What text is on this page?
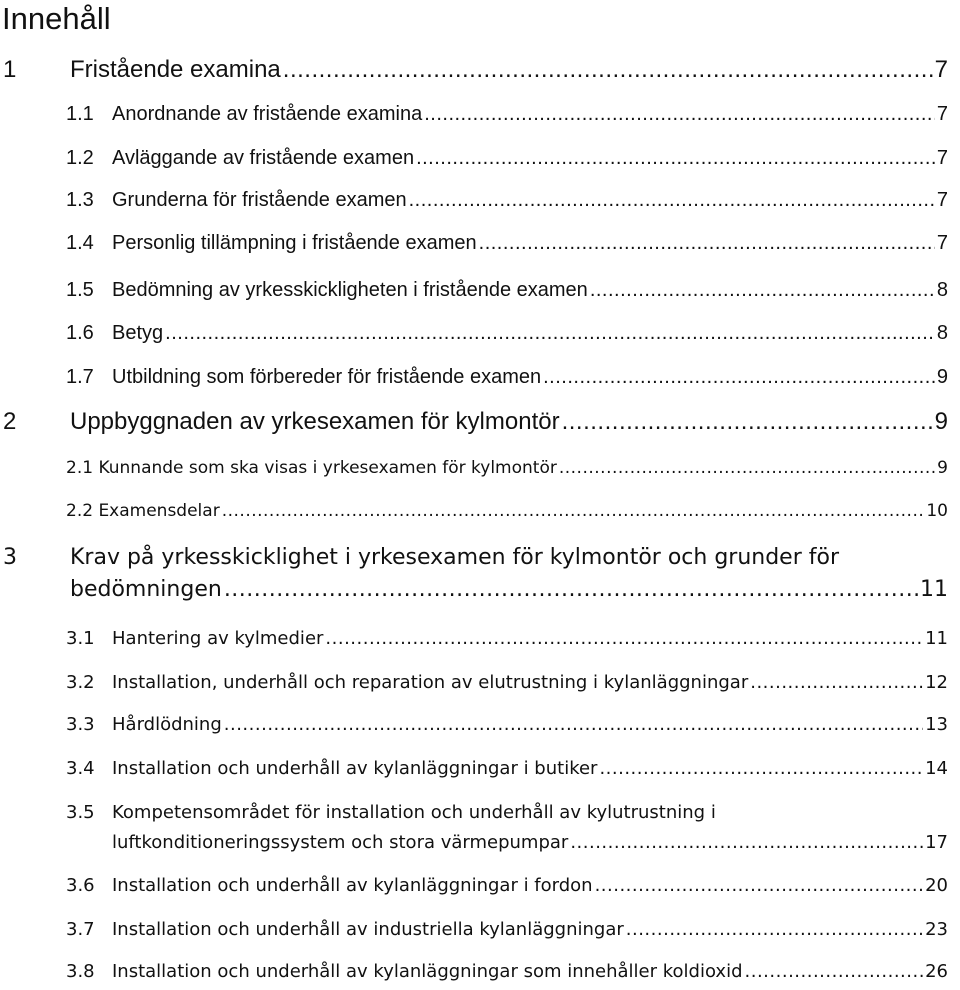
Innehåll
1 Fristående examina .....	7
1.1 Anordnande av fristående examina .....	7
1.2 Avläggande av fristående examen .....	7
1.3 Grunderna för fristående examen .....	7
1.4 Personlig tillämpning i fristående examen .....	7
1.5 Bedömning av yrkesskickligheten i fristående examen .....	8
1.6 Betyg .....	8
1.7 Utbildning som förbereder för fristående examen .....	9
2 Uppbyggnaden av yrkesexamen för kylmontör .....	9
2.1 Kunnande som ska visas i yrkesexamen för kylmontör .....	9
2.2 Examensdelar .....	10
3 Krav på yrkesskicklighet i yrkesexamen för kylmontör och grunder för
bedömningen .....	11
3.1 Hantering av kylmedier .....	11
3.2 Installation, underhåll och reparation av elutrustning i kylanläggningar .....	12
3.3 Hårdlödning .....	13
3.4 Installation och underhåll av kylanläggningar i butiker .....	14
3.5 Kompetensområdet för installation och underhåll av kylutrustning i
luftkonditioneringssystem och stora värmepumpar .....	17
3.6 Installation och underhåll av kylanläggningar i fordon .....	20
3.7 Installation och underhåll av industriella kylanläggningar .....	23
3.8 Installation och underhåll av kylanläggningar som innehåller koldioxid .....	26
